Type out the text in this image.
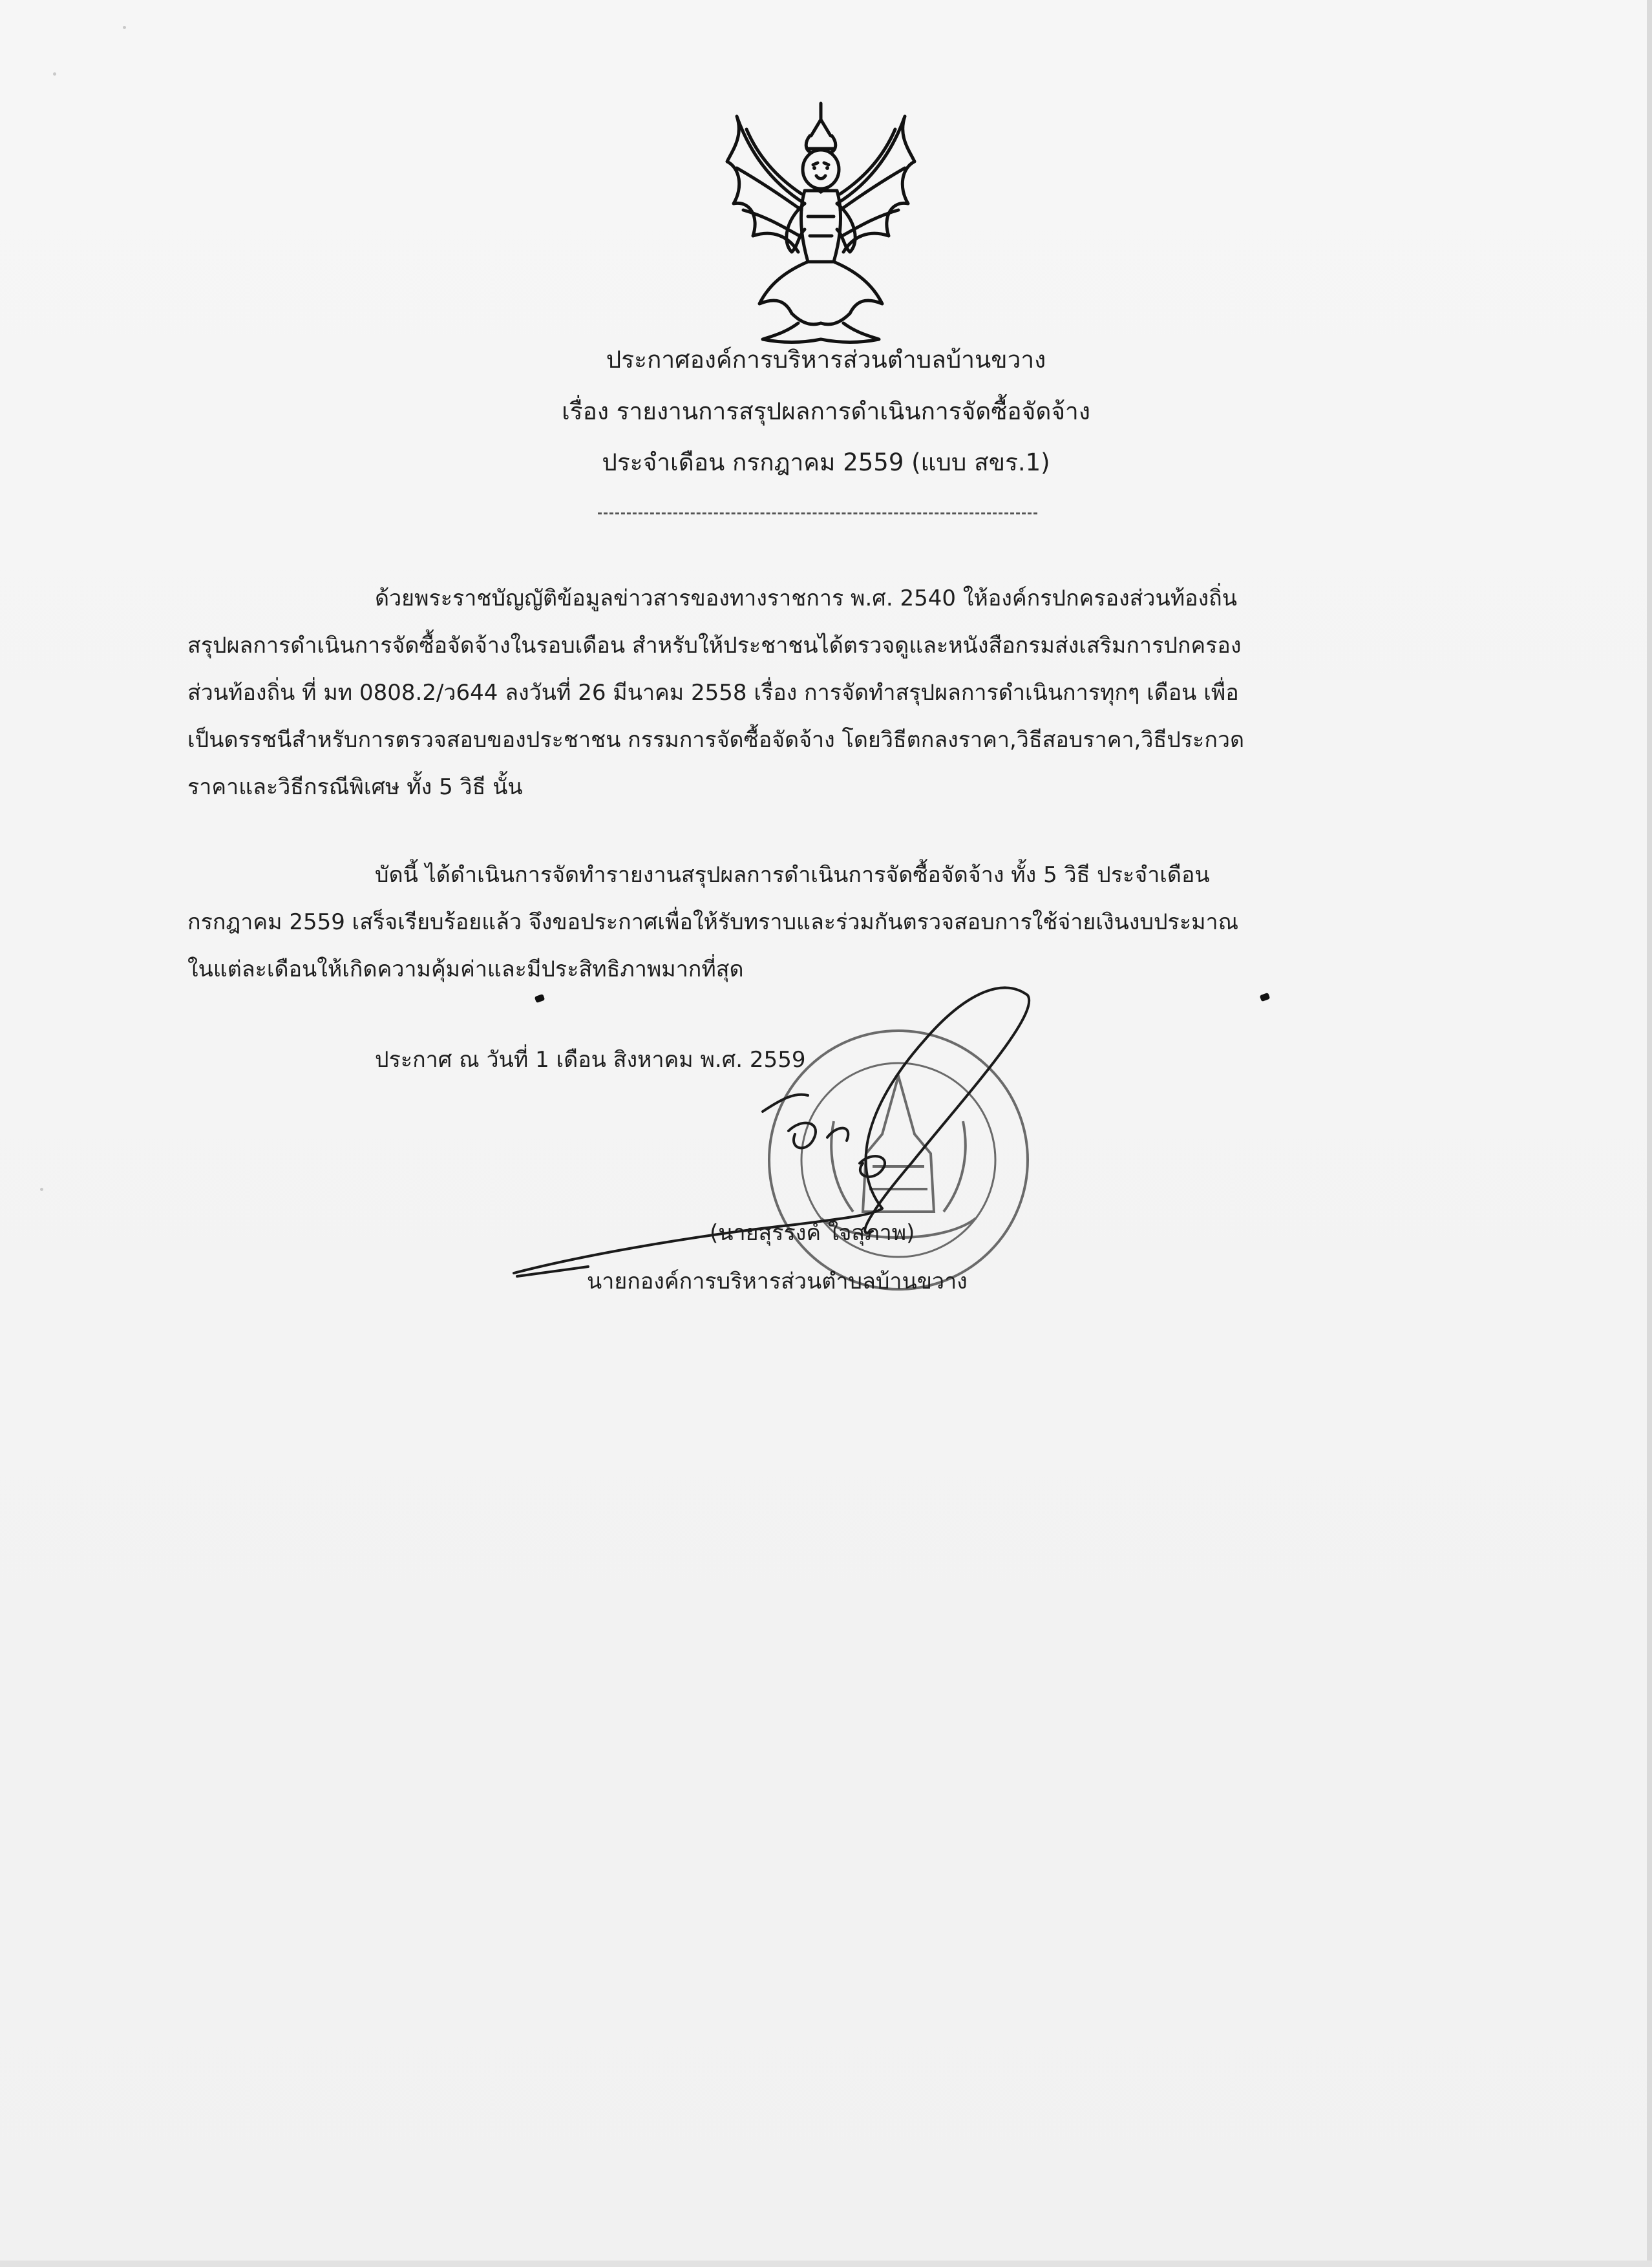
ประกาศองค์การบริหารส่วนตำบลบ้านขวาง
เรื่อง รายงานการสรุปผลการดำเนินการจัดซื้อจัดจ้าง
ประจำเดือน กรกฎาคม 2559 (แบบ สขร.1)
ด้วยพระราชบัญญัติข้อมูลข่าวสารของทางราชการ พ.ศ. 2540 ให้องค์กรปกครองส่วนท้องถิ่น
สรุปผลการดำเนินการจัดซื้อจัดจ้างในรอบเดือน สำหรับให้ประชาชนได้ตรวจดูและหนังสือกรมส่งเสริมการปกครอง
ส่วนท้องถิ่น ที่ มท 0808.2/ว644 ลงวันที่ 26 มีนาคม 2558 เรื่อง การจัดทำสรุปผลการดำเนินการทุกๆ เดือน เพื่อ
เป็นดรรชนีสำหรับการตรวจสอบของประชาชน กรรมการจัดซื้อจัดจ้าง โดยวิธีตกลงราคา,วิธีสอบราคา,วิธีประกวด
ราคาและวิธีกรณีพิเศษ ทั้ง 5 วิธี นั้น
บัดนี้ ได้ดำเนินการจัดทำรายงานสรุปผลการดำเนินการจัดซื้อจัดจ้าง ทั้ง 5 วิธี ประจำเดือน
กรกฎาคม 2559 เสร็จเรียบร้อยแล้ว จึงขอประกาศเพื่อให้รับทราบและร่วมกันตรวจสอบการใช้จ่ายเงินงบประมาณ
ในแต่ละเดือนให้เกิดความคุ้มค่าและมีประสิทธิภาพมากที่สุด
ประกาศ ณ วันที่ 1 เดือน สิงหาคม พ.ศ. 2559
(นายสุรรงค์ ใจสุภาพ)
นายกองค์การบริหารส่วนตำบลบ้านขวาง
